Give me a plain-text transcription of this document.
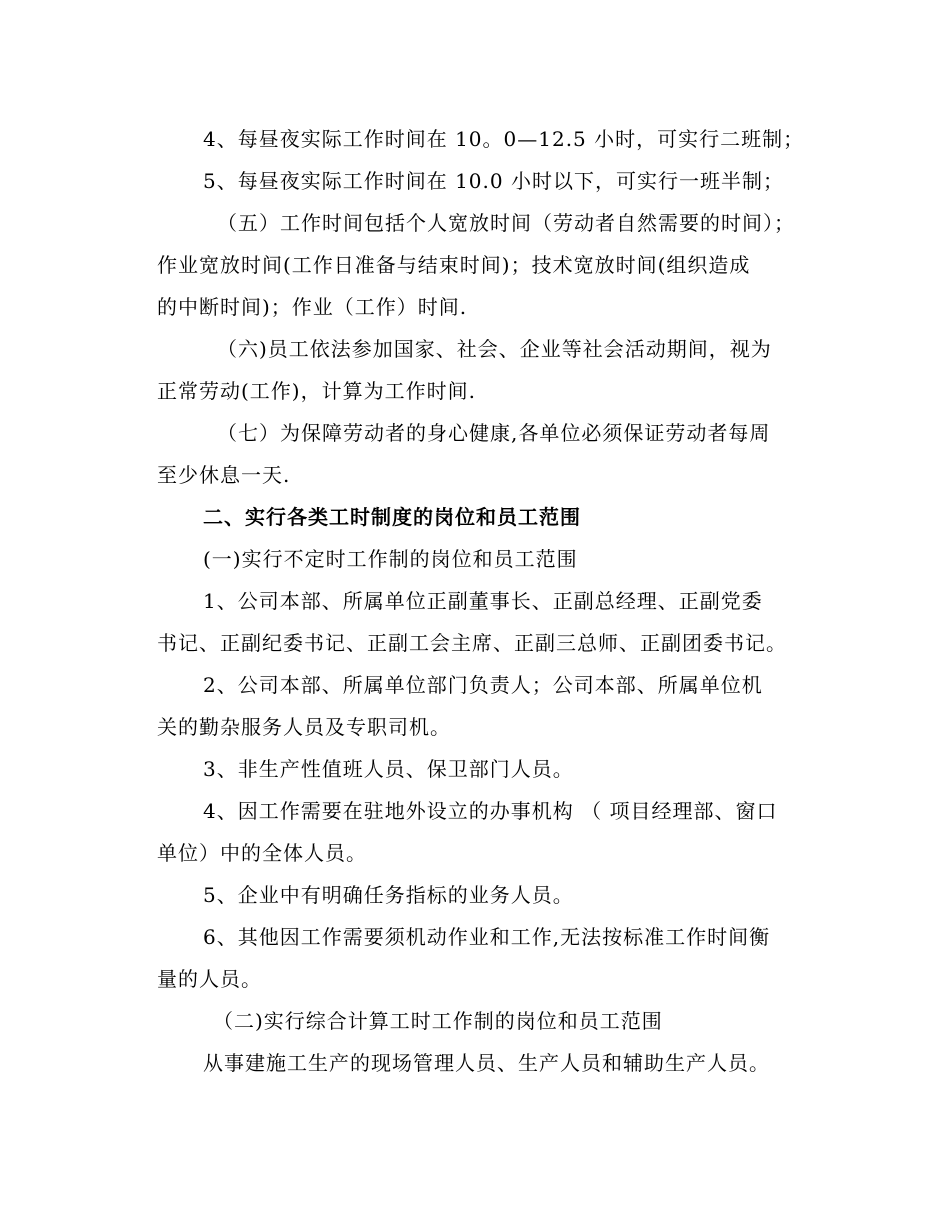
4、每昼夜实际工作时间在 10。0—12.5 小时，可实行二班制；
5、每昼夜实际工作时间在 10.0 小时以下，可实行一班半制；
（五）工作时间包括个人宽放时间（劳动者自然需要的时间）；
作业宽放时间(工作日准备与结束时间)；技术宽放时间(组织造成
的中断时间)；作业（工作）时间.
（六)员工依法参加国家、社会、企业等社会活动期间，视为
正常劳动(工作)，计算为工作时间.
（七）为保障劳动者的身心健康,各单位必须保证劳动者每周
至少休息一天.
二、实行各类工时制度的岗位和员工范围
(一)实行不定时工作制的岗位和员工范围
1、公司本部、所属单位正副董事长、正副总经理、正副党委
书记、正副纪委书记、正副工会主席、正副三总师、正副团委书记。
2、公司本部、所属单位部门负责人；公司本部、所属单位机
关的勤杂服务人员及专职司机。
3、非生产性值班人员、保卫部门人员。
4、因工作需要在驻地外设立的办事机构 （ 项目经理部、窗口
单位）中的全体人员。
5、企业中有明确任务指标的业务人员。
6、其他因工作需要须机动作业和工作,无法按标准工作时间衡
量的人员。
（二)实行综合计算工时工作制的岗位和员工范围
从事建施工生产的现场管理人员、生产人员和辅助生产人员。
